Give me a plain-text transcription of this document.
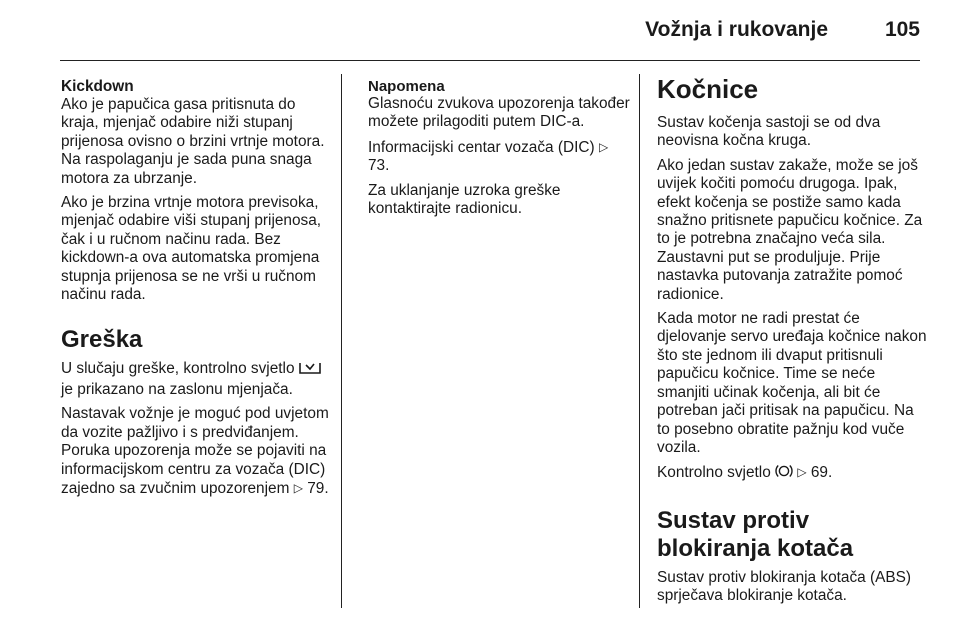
Vožnja i rukovanje	105
Kickdown

Ako je papučica gasa pritisnuta do kraja, mjenjač odabire niži stupanj prijenosa ovisno o brzini vrtnje motora. Na raspolaganju je sada puna snaga motora za ubrzanje.

Ako je brzina vrtnje motora previsoka, mjenjač odabire viši stupanj prijenosa, čak i u ručnom načinu rada. Bez kickdown-a ova automatska promjena stupnja prijenosa se ne vrši u ručnom načinu rada.

Greška

U slučaju greške, kontrolno svjetlo  je prikazano na zaslonu mjenjača.

Nastavak vožnje je moguć pod uvjetom da vozite pažljivo i s predviđanjem. Poruka upozorenja može se pojaviti na informacijskom centru za vozača (DIC) zajedno sa zvučnim upozorenjem ▷ 79.

Napomena

Glasnoću zvukova upozorenja također možete prilagoditi putem DIC-a.

Informacijski centar vozača (DIC) ▷ 73.

Za uklanjanje uzroka greške kontaktirajte radionicu.

Kočnice

Sustav kočenja sastoji se od dva neovisna kočna kruga.

Ako jedan sustav zakaže, može se još uvijek kočiti pomoću drugoga. Ipak, efekt kočenja se postiže samo kada snažno pritisnete papučicu kočnice. Za to je potrebna značajno veća sila. Zaustavni put se produljuje. Prije nastavka putovanja zatražite pomoć radionice.

Kada motor ne radi prestat će djelovanje servo uređaja kočnice nakon što ste jednom ili dvaput pritisnuli papučicu kočnice. Time se neće smanjiti učinak kočenja, ali bit će potreban jači pritisak na papučicu. Na to posebno obratite pažnju kod vuče vozila.

Kontrolno svjetlo ▷ 69.

Sustav protiv blokiranja kotača

Sustav protiv blokiranja kotača (ABS) sprječava blokiranje kotača.
